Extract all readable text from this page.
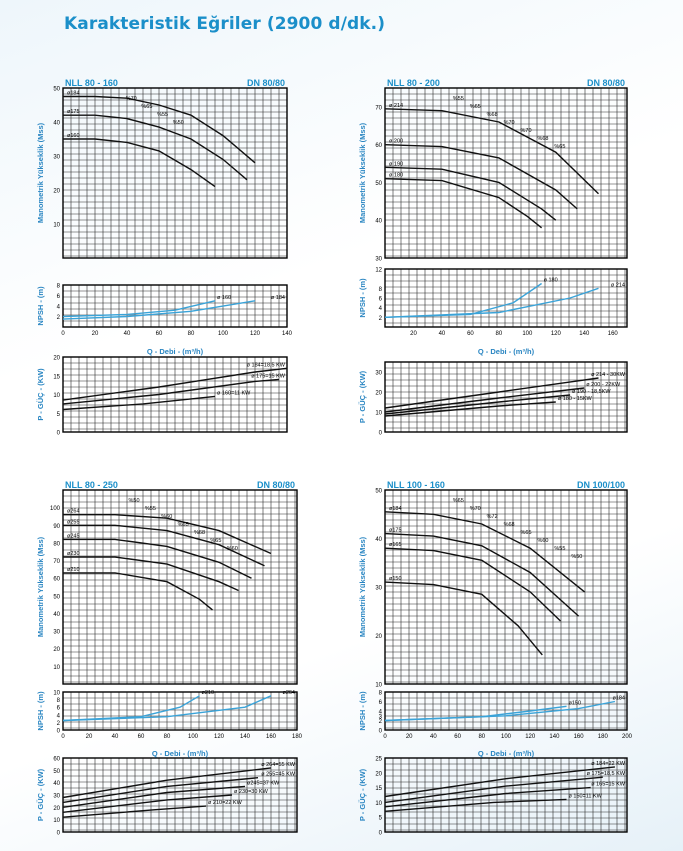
Karakteristik Eğriler (2900 d/dk.)
NLL 80 - 160	DN 80/80
10
20
30
40
50
Manometrik Yükseklik (Mss)
ø184
ø175
ø160
2
4
6
8
NPSH - (m)	ø 160	ø 184
0
5
10
15
20
P - GÜÇ - (KW)
ø 184=18,5 KW
ø 175=15 KW
ø 160=11 KW
%70
%65
%55
%50
0	20	40	60	80	100	120	140
Q - Debi - (m³/h)
NLL 80 - 200	DN 80/80
30
40
50
60
70
Manometrik Yükseklik (Mss)
ø 214
ø 200
ø 190
ø 180
2
4
6
8
12
NPSH - (m)	ø 180
ø 214
0
10
20
30
P - GÜÇ - (KW)	ø 214 - 30KW
ø 200 - 22KW
ø 190 - 18,5KW
ø 180 - 15KW
%55
%65
%68
%70
%70
%68
%65
20	40	60	80	100	120	140	160
Q - Debi - (m³/h)
NLL 80 - 250	DN 80/80
10
20
30
40
50
60
70
80
90
100
Manometrik Yükseklik (Mss)
ø264
ø255
ø245
ø230
ø210
0
2
4
6
8
10
NPSH - (m)	ø210	ø264
0
10
20
30
40
50
60
P - GÜÇ - (KW)
ø 264=55 KW
ø 255=45 KW
ø245=37 KW
ø 230=30 KW
ø 210=22 KW
%50
%55
%60
%65
%68
%65
%60
0	20	40	60	80	100	120	140	160	180
Q - Debi - (m³/h)
NLL 100 - 160	DN 100/100
10
20
30
40
50
Manometrik Yükseklik (Mss)
ø184
ø175
ø165
ø150
0
2
3
4
6
8
NPSH - (m)	ø150
ø184
0
5
10
15
20
25
P - GÜÇ - (KW)
ø 184=22 KW
ø 175=18,5 KW
ø 165=15 KW
ø 150=11 KW
%65
%70
%72
%68
%65
%60
%55
%50
0	20	40	60	80	100 120 140 160 180 200
Q - Debi - (m³/h)
